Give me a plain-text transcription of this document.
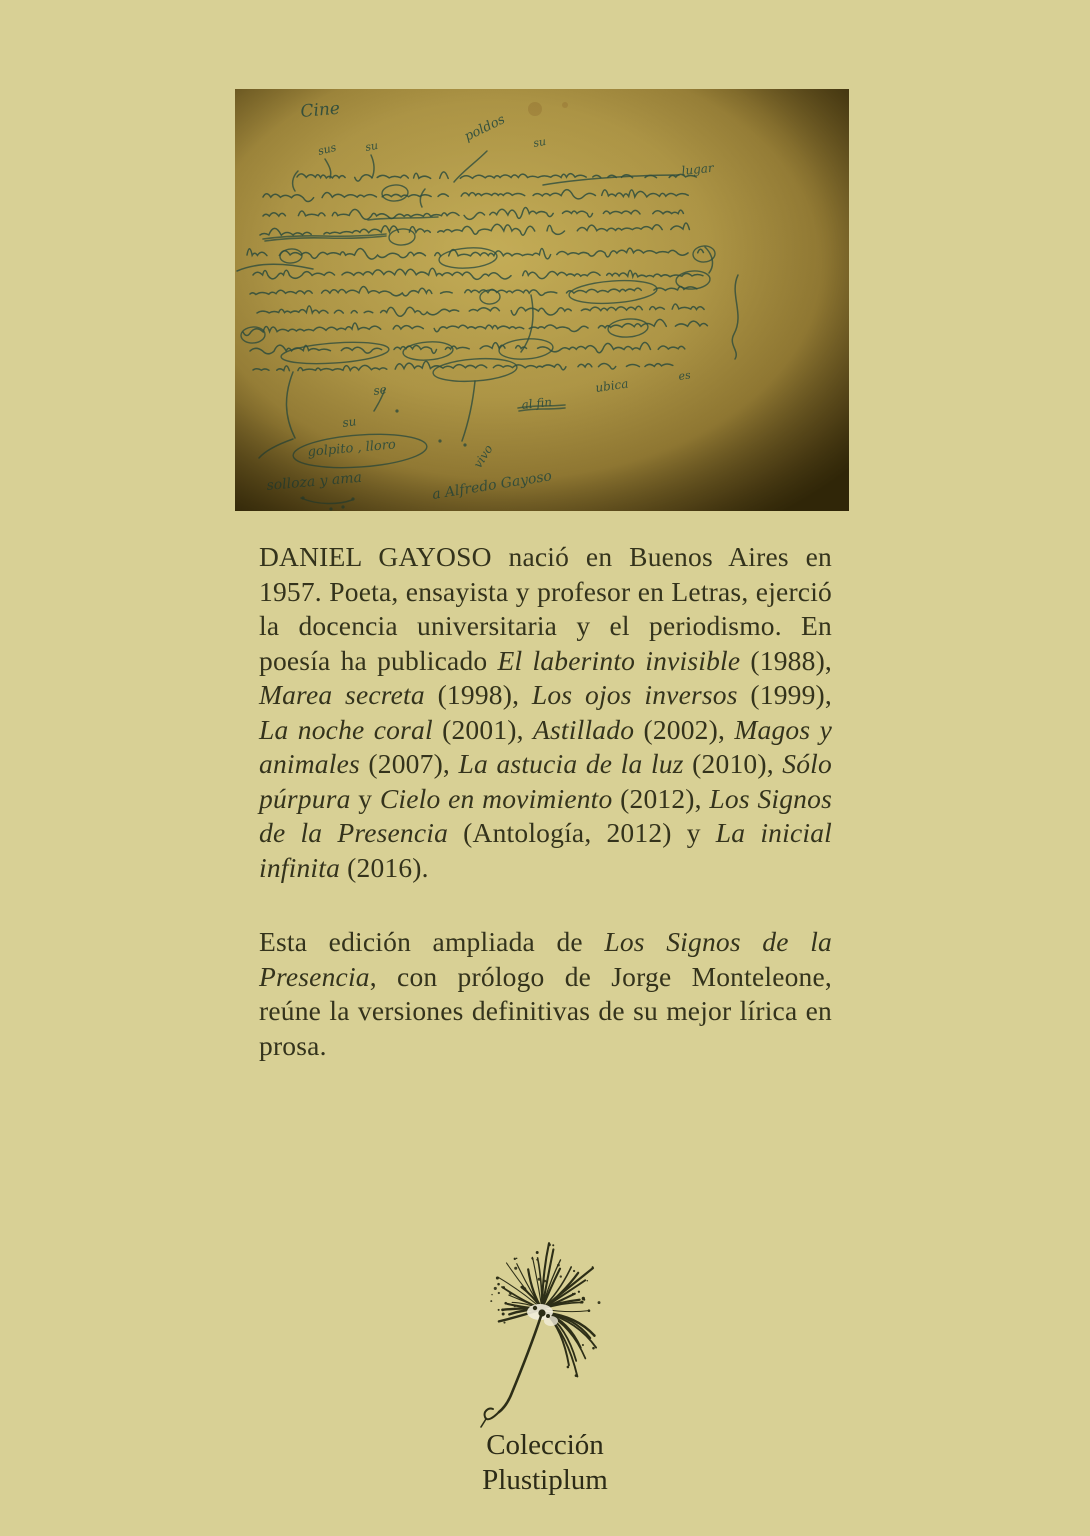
DANIEL GAYOSO nació en Buenos Aires en 1957. Poeta, ensayista y profesor en Letras, ejerció la docencia universitaria y el periodismo. En poesía ha publicado El laberinto invisible (1988), Marea secreta (1998), Los ojos inversos (1999), La noche coral (2001), Astillado (2002), Magos y animales (2007), La astucia de la luz (2010), Sólo púrpura y Cielo en movimiento (2012), Los Signos de la Presencia (Antología, 2012) y La inicial infinita (2016).

Esta edición ampliada de Los Signos de la Presencia, con prólogo de Jorge Monteleone, reúne la versiones definitivas de su mejor lírica en prosa.

Colección
Plustiplum
